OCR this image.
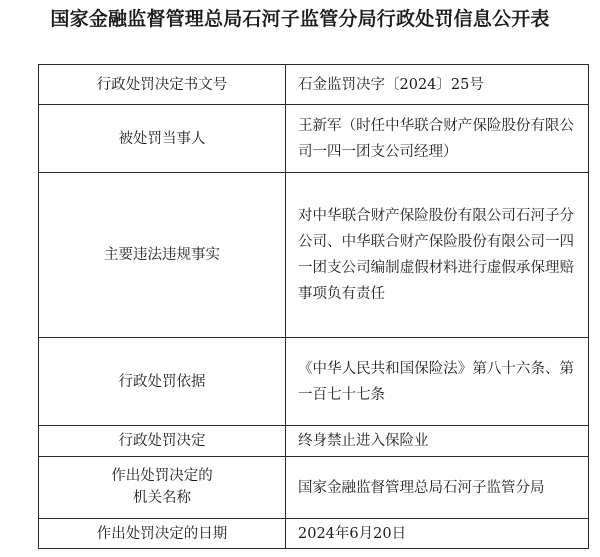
国家金融监督管理总局石河子监管分局行政处罚信息公开表
行政处罚决定书文号	石金监罚决字〔2024〕25号

被处罚当事人	王新军（时任中华联合财产保险股份有限公司一四一团支公司经理）

主要违法违规事实	对中华联合财产保险股份有限公司石河子分公司、中华联合财产保险股份有限公司一四一团支公司编制虚假材料进行虚假承保理赔事项负有责任

行政处罚依据	《中华人民共和国保险法》第八十六条、第一百七十七条

行政处罚决定	终身禁止进入保险业

作出处罚决定的
机关名称	国家金融监督管理总局石河子监管分局

作出处罚决定的日期	2024年6月20日
